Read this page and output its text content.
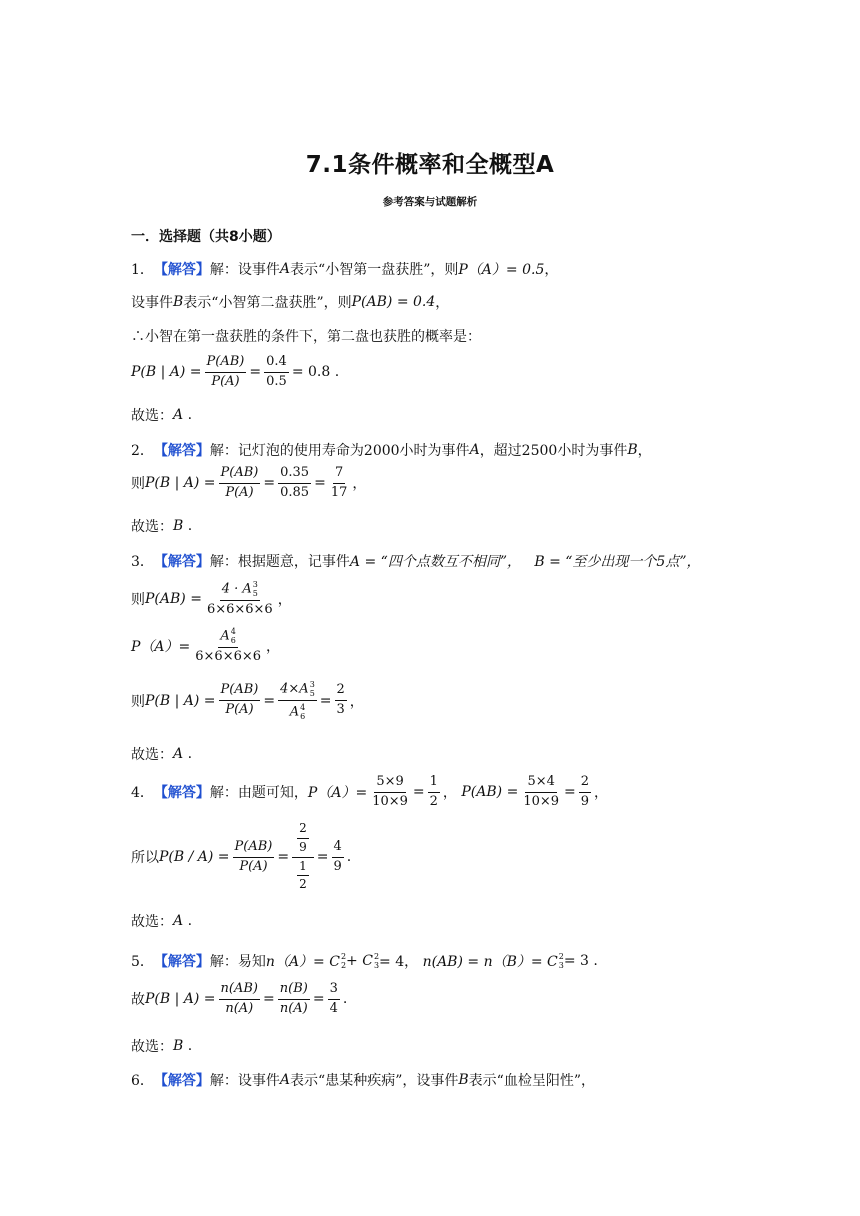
7.1条件概率和全概型A
参考答案与试题解析
一．选择题（共8小题）
1． 【解答】 解：设事件 A 表示“小智第一盘获胜”，则 P（A）= 0.5 ，
设事件 B 表示“小智第二盘获胜”，则 P(AB) = 0.4 ，
∴小智在第一盘获胜的条件下，第二盘也获胜的概率是：
P(B | $A) = \frac{P(AB)}{P(A)} = \frac{0.4}{0.5} = 0.8$ .
故选： A .
2． 【解答】 解：记灯泡的使用寿命为2000小时为事件 A ，超过2500小时为事件 B ，
则 P(B | $A) = \frac{P(AB)}{P(A)} = \frac{0.35}{0.85} = \frac{7}{17}$ ，
故选： B .
3． 【解答】 解：根据题意，记事件 A = “四个点数互不相同”，
B = “至少出现一个5点”，
则 P(AB) = 4 · A 3
5
6×6×6×6 ，
P（A）= A 4
6
6×6×6×6 ，
则 P(B | $A) = \frac{P(AB)}{P(A)} = 4\times A$ 3
5
A 4
$6 = \frac{2}{3}$ ，
故选： A .
4． 【解答】 解：由题可知， $P(A)= \frac{5\times 9}{10\times 9} = \frac{1}{2}$ ， $P(AB) = \frac{5\times 4}{10\times 9} = \frac{2}{9}$ ，
所以 $P(B / A) = \frac{P(AB)}{P(A)} = \frac{\frac{2}{9}}{\frac{1}{2}} = \frac{4}{9}$ .
故选： A .
5． 【解答】 解：易知 n（A）= C 2
2 + C 2
3 = 4，
n(AB) = n（B）= C 2
3 = 3 .
故 P(B | $A) = \frac{n(AB)}{n(A)} = \frac{n(B)}{n(A)} = \frac{3}{4}$ .
故选： B .
6． 【解答】 解：设事件 A 表示“患某种疾病”，设事件 B 表示“血检呈阳性”，
